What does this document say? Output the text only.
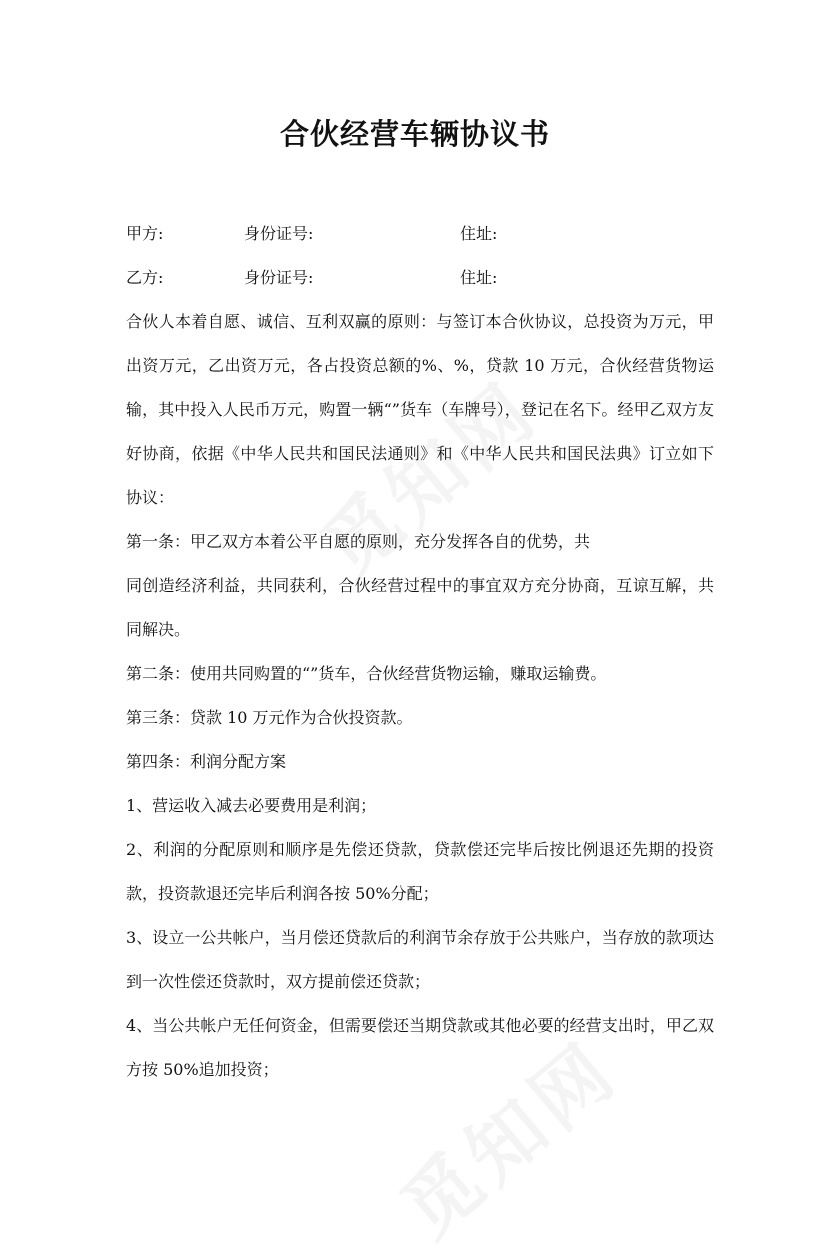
合伙经营车辆协议书
甲方:	身份证号:	住址:
乙方:	身份证号:	住址:

合伙人本着自愿、诚信、互利双赢的原则：与签订本合伙协议，总投资为万元，甲出资万元，乙出资万元，各占投资总额的%、%，贷款 10 万元，合伙经营货物运输，其中投入人民币万元，购置一辆“”货车（车牌号），登记在名下。经甲乙双方友好协商，依据《中华人民共和国民法通则》和《中华人民共和国民法典》订立如下协议：

第一条：甲乙双方本着公平自愿的原则，充分发挥各自的优势，共

同创造经济利益，共同获利，合伙经营过程中的事宜双方充分协商，互谅互解，共同解决。

第二条：使用共同购置的“”货车，合伙经营货物运输，赚取运输费。

第三条：贷款 10 万元作为合伙投资款。

第四条：利润分配方案

1、营运收入减去必要费用是利润；

2、利润的分配原则和顺序是先偿还贷款，贷款偿还完毕后按比例退还先期的投资款，投资款退还完毕后利润各按 50%分配；

3、设立一公共帐户，当月偿还贷款后的利润节余存放于公共账户，当存放的款项达到一次性偿还贷款时，双方提前偿还贷款；

4、当公共帐户无任何资金，但需要偿还当期贷款或其他必要的经营支出时，甲乙双方按 50%追加投资；
